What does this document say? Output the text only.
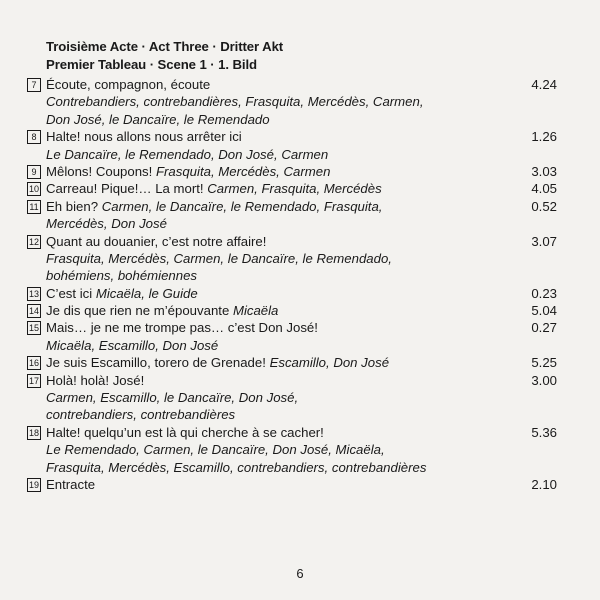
Troisième Acte · Act Three · Dritter Akt
Premier Tableau · Scene 1 · 1. Bild
7 Écoute, compagnon, écoute	4.24
Contrebandiers, contrebandières, Frasquita, Mercédès, Carmen,
Don José, le Dancaïre, le Remendado
8 Halte! nous allons nous arrêter ici	1.26
Le Dancaïre, le Remendado, Don José, Carmen
9 Mêlons! Coupons! Frasquita, Mercédès, Carmen	3.03
10 Carreau! Pique!… La mort! Carmen, Frasquita, Mercédès	4.05
11 Eh bien? Carmen, le Dancaïre, le Remendado, Frasquita,	0.52
Mercédès, Don José
12 Quant au douanier, c’est notre affaire!	3.07
Frasquita, Mercédès, Carmen, le Dancaïre, le Remendado,
bohémiens, bohémiennes
13 C’est ici Micaëla, le Guide	0.23
14 Je dis que rien ne m’épouvante Micaëla	5.04
15 Mais… je ne me trompe pas… c’est Don José!	0.27
Micaëla, Escamillo, Don José
16 Je suis Escamillo, torero de Grenade! Escamillo, Don José	5.25
17 Holà! holà! José!	3.00
Carmen, Escamillo, le Dancaïre, Don José,
contrebandiers, contrebandières
18 Halte! quelqu’un est là qui cherche à se cacher!	5.36
Le Remendado, Carmen, le Dancaïre, Don José, Micaëla,
Frasquita, Mercédès, Escamillo, contrebandiers, contrebandières
19 Entracte	2.10
6
